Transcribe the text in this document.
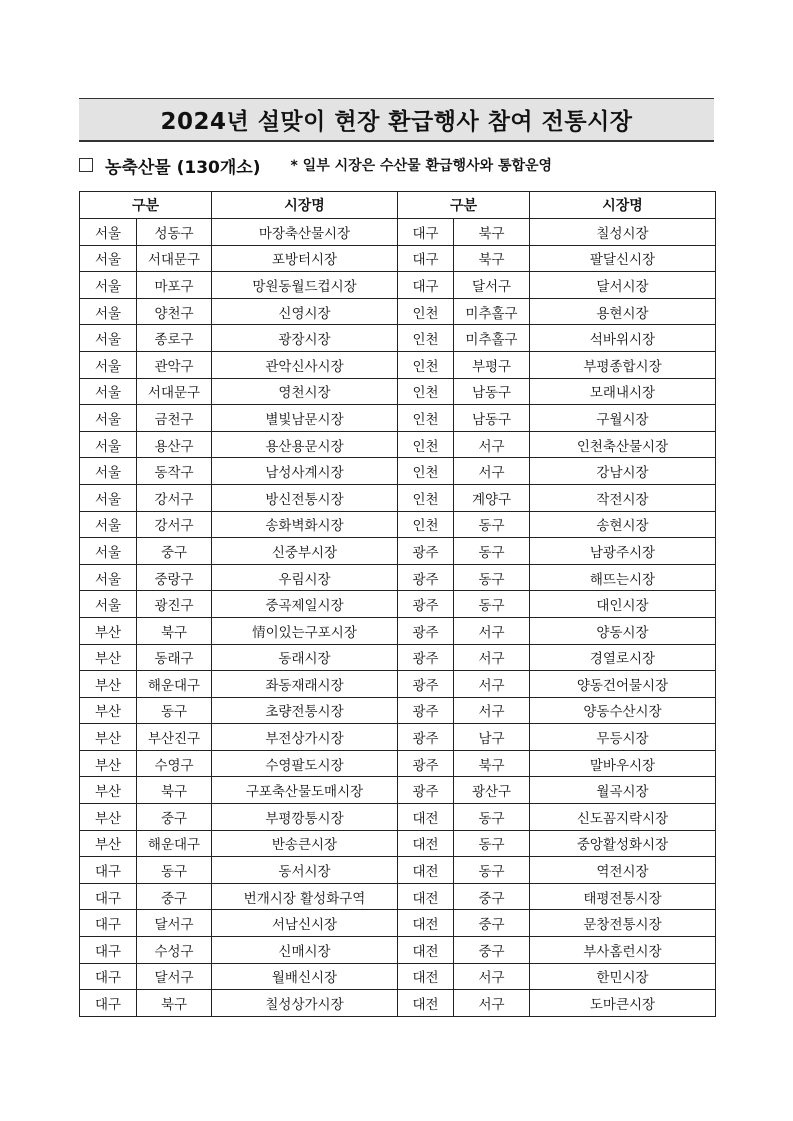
2024년 설맞이 현장 환급행사 참여 전통시장
농축산물 (130개소) * 일부 시장은 수산물 환급행사와 통합운영
구분		시장명	구분		시장명
서울	성동구	마장축산물시장	대구	북구	칠성시장
서울	서대문구	포방터시장	대구	북구	팔달신시장
서울	마포구	망원동월드컵시장	대구	달서구	달서시장
서울	양천구	신영시장	인천	미추홀구	용현시장
서울	종로구	광장시장	인천	미추홀구	석바위시장
서울	관악구	관악신사시장	인천	부평구	부평종합시장
서울	서대문구	영천시장	인천	남동구	모래내시장
서울	금천구	별빛남문시장	인천	남동구	구월시장
서울	용산구	용산용문시장	인천	서구	인천축산물시장
서울	동작구	남성사계시장	인천	서구	강남시장
서울	강서구	방신전통시장	인천	계양구	작전시장
서울	강서구	송화벽화시장	인천	동구	송현시장
서울	중구	신중부시장	광주	동구	남광주시장
서울	중랑구	우림시장	광주	동구	해뜨는시장
서울	광진구	중곡제일시장	광주	동구	대인시장
부산	북구	情이있는구포시장	광주	서구	양동시장
부산	동래구	동래시장	광주	서구	경열로시장
부산	해운대구	좌동재래시장	광주	서구	양동건어물시장
부산	동구	초량전통시장	광주	서구	양동수산시장
부산	부산진구	부전상가시장	광주	남구	무등시장
부산	수영구	수영팔도시장	광주	북구	말바우시장
부산	북구	구포축산물도매시장	광주	광산구	월곡시장
부산	중구	부평깡통시장	대전	동구	신도꼼지락시장
부산	해운대구	반송큰시장	대전	동구	중앙활성화시장
대구	동구	동서시장	대전	동구	역전시장
대구	중구	번개시장 활성화구역	대전	중구	태평전통시장
대구	달서구	서남신시장	대전	중구	문창전통시장
대구	수성구	신매시장	대전	중구	부사홈런시장
대구	달서구	월배신시장	대전	서구	한민시장
대구	북구	칠성상가시장	대전	서구	도마큰시장
